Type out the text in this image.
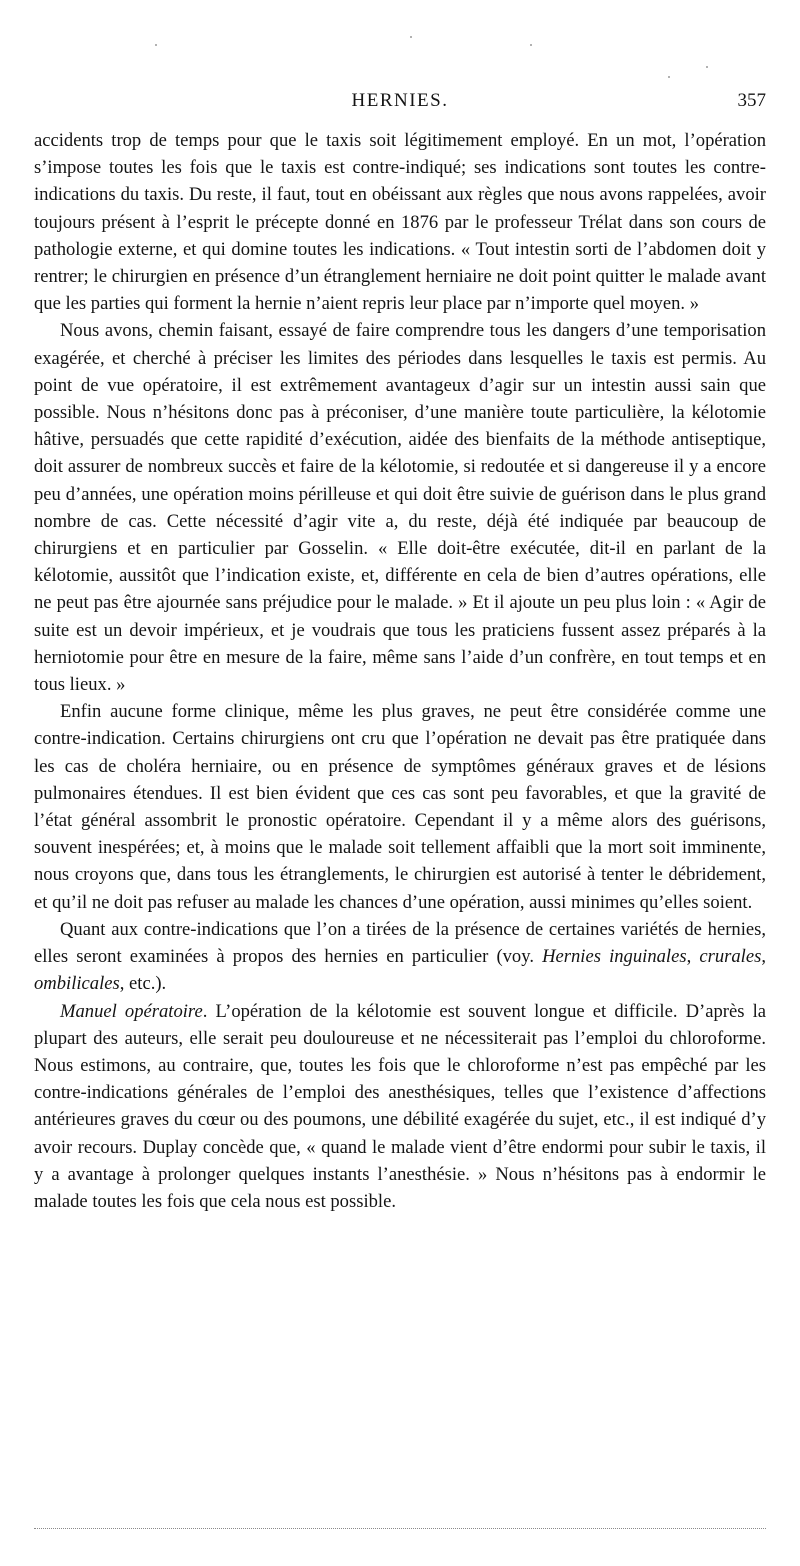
HERNIES.	357

accidents trop de temps pour que le taxis soit légitimement employé. En un mot, l’opération s’impose toutes les fois que le taxis est contre-indiqué; ses indications sont toutes les contre-indications du taxis. Du reste, il faut, tout en obéissant aux règles que nous avons rappelées, avoir toujours présent à l’esprit le précepte donné en 1876 par le professeur Trélat dans son cours de pathologie externe, et qui domine toutes les indications. « Tout intestin sorti de l’abdomen doit y rentrer; le chirurgien en présence d’un étranglement herniaire ne doit point quitter le malade avant que les parties qui forment la hernie n’aient repris leur place par n’importe quel moyen. »

Nous avons, chemin faisant, essayé de faire comprendre tous les dangers d’une temporisation exagérée, et cherché à préciser les limites des périodes dans lesquelles le taxis est permis. Au point de vue opératoire, il est extrêmement avantageux d’agir sur un intestin aussi sain que possible. Nous n’hésitons donc pas à préconiser, d’une manière toute particulière, la kélotomie hâtive, persuadés que cette rapidité d’exécution, aidée des bienfaits de la méthode antiseptique, doit assurer de nombreux succès et faire de la kélotomie, si redoutée et si dangereuse il y a encore peu d’années, une opération moins périlleuse et qui doit être suivie de guérison dans le plus grand nombre de cas. Cette nécessité d’agir vite a, du reste, déjà été indiquée par beaucoup de chirurgiens et en particulier par Gosselin. « Elle doit-être exécutée, dit-il en parlant de la kélotomie, aussitôt que l’indication existe, et, différente en cela de bien d’autres opérations, elle ne peut pas être ajournée sans préjudice pour le malade. » Et il ajoute un peu plus loin : « Agir de suite est un devoir impérieux, et je voudrais que tous les praticiens fussent assez préparés à la herniotomie pour être en mesure de la faire, même sans l’aide d’un confrère, en tout temps et en tous lieux. »

Enfin aucune forme clinique, même les plus graves, ne peut être considérée comme une contre-indication. Certains chirurgiens ont cru que l’opération ne devait pas être pratiquée dans les cas de choléra herniaire, ou en présence de symptômes généraux graves et de lésions pulmonaires étendues. Il est bien évident que ces cas sont peu favorables, et que la gravité de l’état général assombrit le pronostic opératoire. Cependant il y a même alors des guérisons, souvent inespérées; et, à moins que le malade soit tellement affaibli que la mort soit imminente, nous croyons que, dans tous les étranglements, le chirurgien est autorisé à tenter le débridement, et qu’il ne doit pas refuser au malade les chances d’une opération, aussi minimes qu’elles soient.

Quant aux contre-indications que l’on a tirées de la présence de certaines variétés de hernies, elles seront examinées à propos des hernies en particulier (voy. Hernies inguinales, crurales, ombilicales, etc.).

Manuel opératoire. L’opération de la kélotomie est souvent longue et difficile. D’après la plupart des auteurs, elle serait peu douloureuse et ne nécessiterait pas l’emploi du chloroforme. Nous estimons, au contraire, que, toutes les fois que le chloroforme n’est pas empêché par les contre-indications générales de l’emploi des anesthésiques, telles que l’existence d’affections antérieures graves du cœur ou des poumons, une débilité exagérée du sujet, etc., il est indiqué d’y avoir recours. Duplay concède que, « quand le malade vient d’être endormi pour subir le taxis, il y a avantage à prolonger quelques instants l’anesthésie. » Nous n’hésitons pas à endormir le malade toutes les fois que cela nous est possible.
